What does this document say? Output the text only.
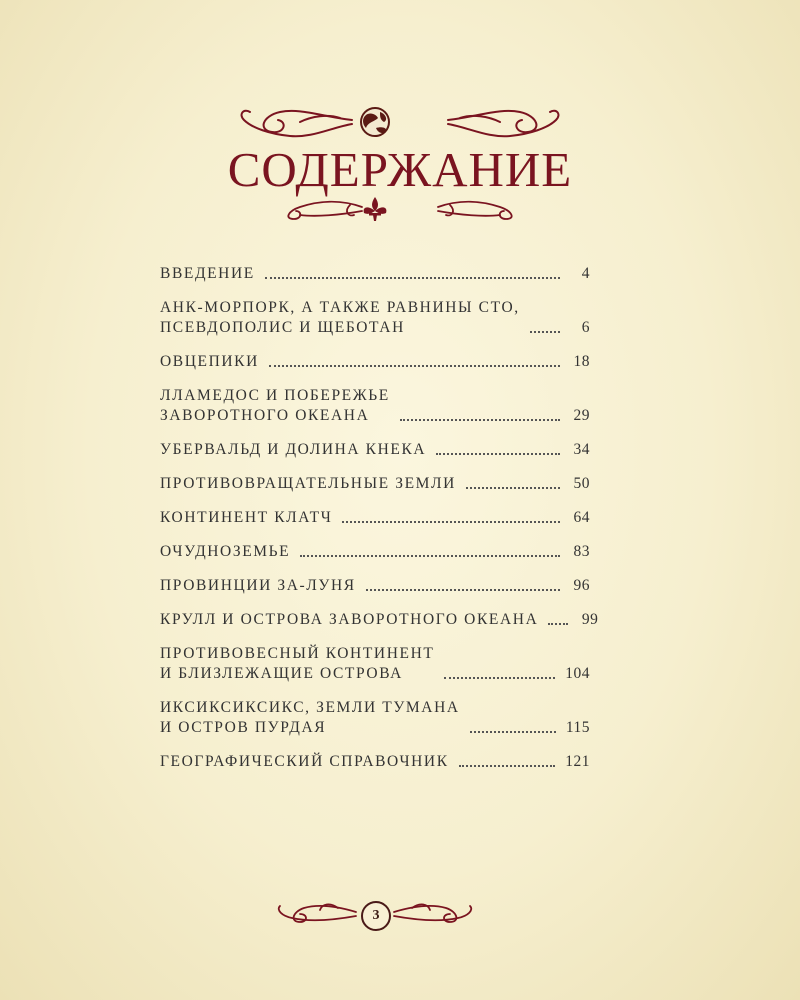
СОДЕРЖАНИЕ
ВВЕДЕНИЕ	4
АНК-МОРПОРК, А ТАКЖЕ РАВНИНЫ СТО,
ПСЕВДОПОЛИС И ЩЕБОТАН	6
ОВЦЕПИКИ	18
ЛЛАМЕДОС И ПОБЕРЕЖЬЕ
ЗАВОРОТНОГО ОКЕАНА	29
УБЕРВАЛЬД И ДОЛИНА КНЕКА	34
ПРОТИВОВРАЩАТЕЛЬНЫЕ ЗЕМЛИ	50
КОНТИНЕНТ КЛАТЧ	64
ОЧУДНОЗЕМЬЕ	83
ПРОВИНЦИИ ЗА-ЛУНЯ	96
КРУЛЛ И ОСТРОВА ЗАВОРОТНОГО ОКЕАНА	99
ПРОТИВОВЕСНЫЙ КОНТИНЕНТ
И БЛИЗЛЕЖАЩИЕ ОСТРОВА	104
ИКСИКСИКСИКС, ЗЕМЛИ ТУМАНА
И ОСТРОВ ПУРДАЯ	115
ГЕОГРАФИЧЕСКИЙ СПРАВОЧНИК	121
3
